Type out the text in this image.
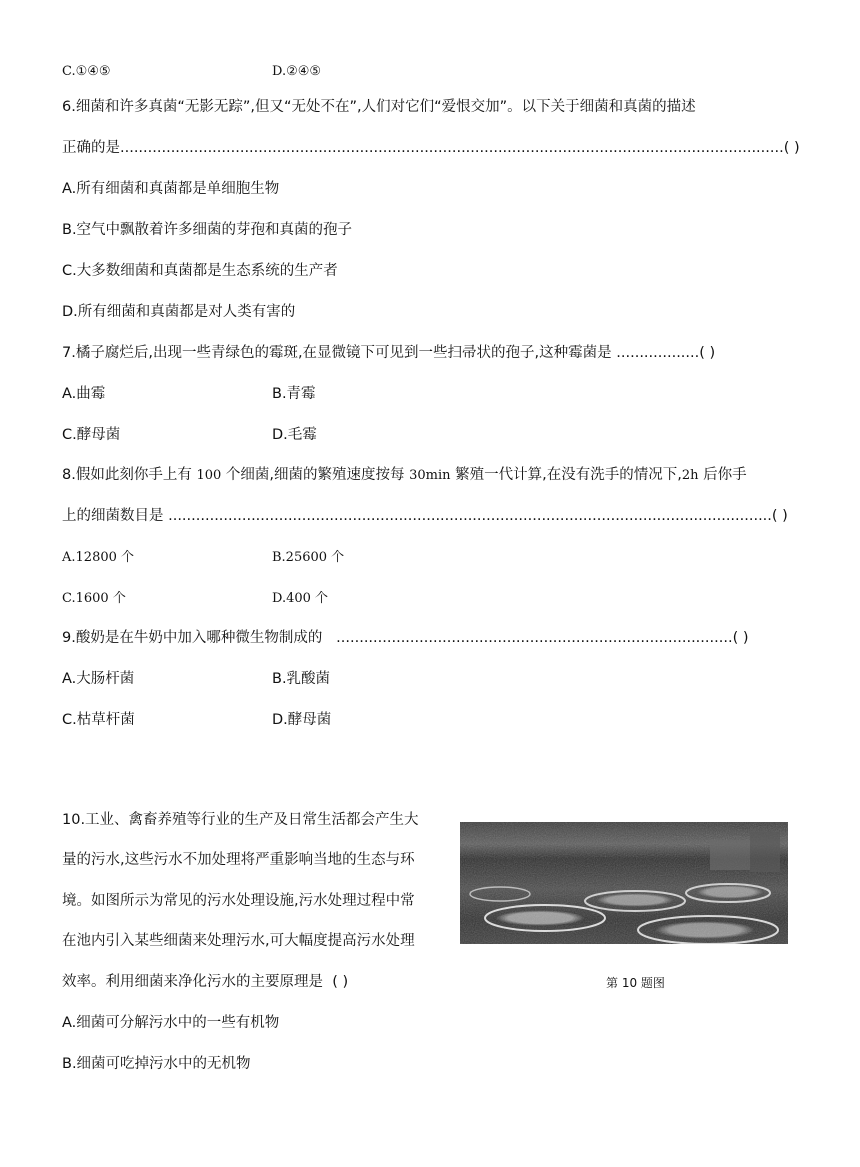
C.①④⑤	D.②④⑤
6.细菌和许多真菌“无影无踪”,但又“无处不在”,人们对它们“爱恨交加”。以下关于细菌和真菌的描述
正确的是................................................................................................................................................( )
A.所有细菌和真菌都是单细胞生物
B.空气中飘散着许多细菌的芽孢和真菌的孢子
C.大多数细菌和真菌都是生态系统的生产者
D.所有细菌和真菌都是对人类有害的
7.橘子腐烂后,出现一些青绿色的霉斑,在显微镜下可见到一些扫帚状的孢子,这种霉菌是 ..................( )
A.曲霉	B.青霉
C.酵母菌	D.毛霉
8.假如此刻你手上有 100 个细菌,细菌的繁殖速度按每 30min 繁殖一代计算,在没有洗手的情况下,2h 后你手
上的细菌数目是 ...................................................................................................................................( )
A.12800 个	B.25600 个
C.1600 个	D.400 个
9.酸奶是在牛奶中加入哪种微生物制成的 ......................................................................................( )
A.大肠杆菌	B.乳酸菌
C.枯草杆菌	D.酵母菌
10.工业、禽畜养殖等行业的生产及日常生活都会产生大
量的污水,这些污水不加处理将严重影响当地的生态与环
境。如图所示为常见的污水处理设施,污水处理过程中常
在池内引入某些细菌来处理污水,可大幅度提高污水处理
效率。利用细菌来净化污水的主要原理是 ( )	第 10 题图
A.细菌可分解污水中的一些有机物
B.细菌可吃掉污水中的无机物
